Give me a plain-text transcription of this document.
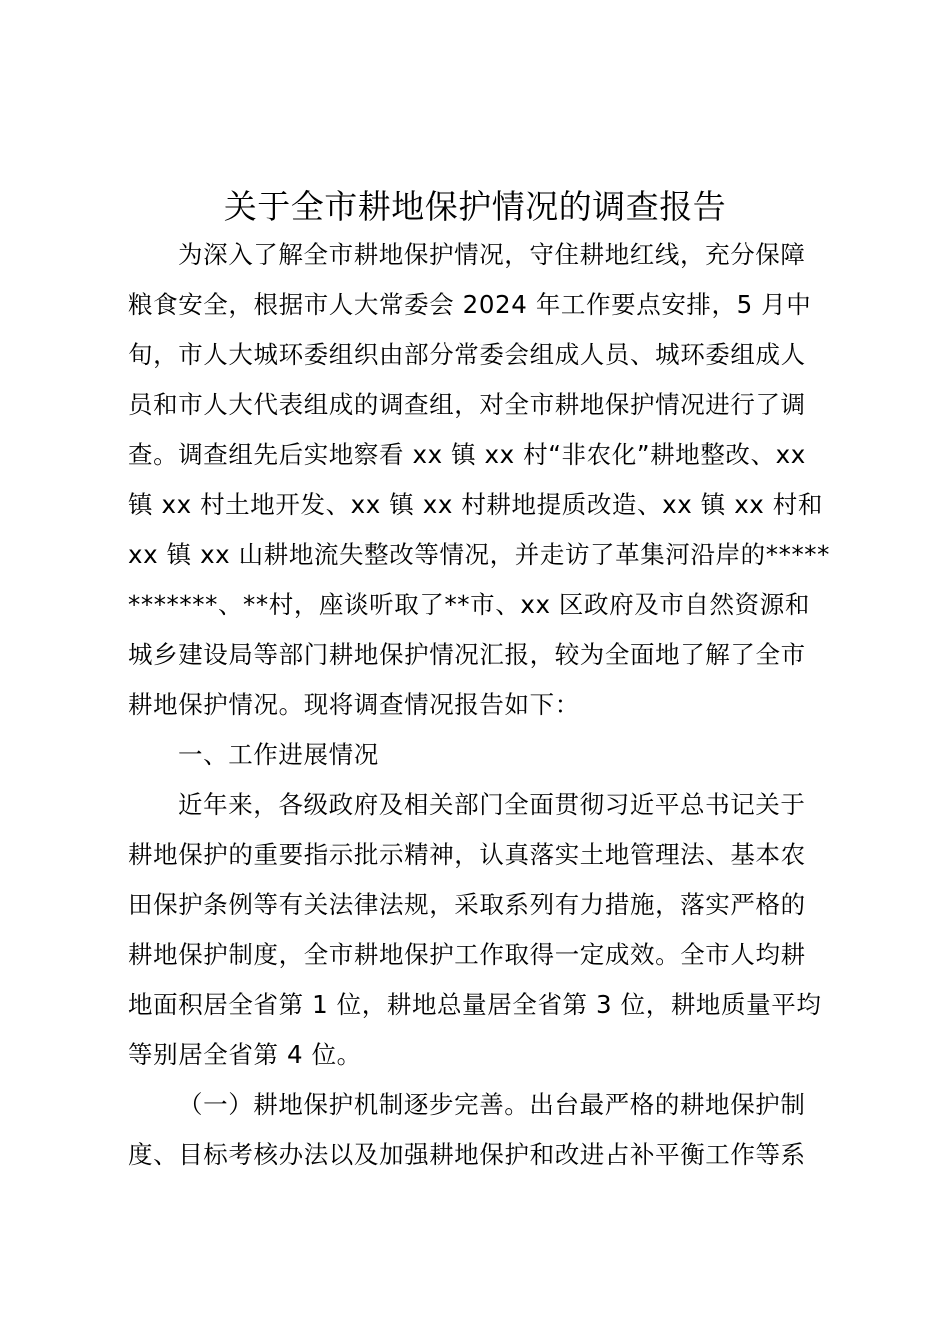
关于全市耕地保护情况的调查报告
为深入了解全市耕地保护情况，守住耕地红线，充分保障
粮食安全，根据市人大常委会 2024 年工作要点安排，5 月中
旬，市人大城环委组织由部分常委会组成人员、城环委组成人
员和市人大代表组成的调查组，对全市耕地保护情况进行了调
查。调查组先后实地察看 xx 镇 xx 村“非农化”耕地整改、xx
镇 xx 村土地开发、xx 镇 xx 村耕地提质改造、xx 镇 xx 村和
xx 镇 xx 山耕地流失整改等情况，并走访了革集河沿岸的*****
*******、**村，座谈听取了**市、xx 区政府及市自然资源和
城乡建设局等部门耕地保护情况汇报，较为全面地了解了全市
耕地保护情况。现将调查情况报告如下：
一、工作进展情况
近年来，各级政府及相关部门全面贯彻习近平总书记关于
耕地保护的重要指示批示精神，认真落实土地管理法、基本农
田保护条例等有关法律法规，采取系列有力措施，落实严格的
耕地保护制度，全市耕地保护工作取得一定成效。全市人均耕
地面积居全省第 1 位，耕地总量居全省第 3 位，耕地质量平均
等别居全省第 4 位。
（一）耕地保护机制逐步完善。出台最严格的耕地保护制
度、目标考核办法以及加强耕地保护和改进占补平衡工作等系
